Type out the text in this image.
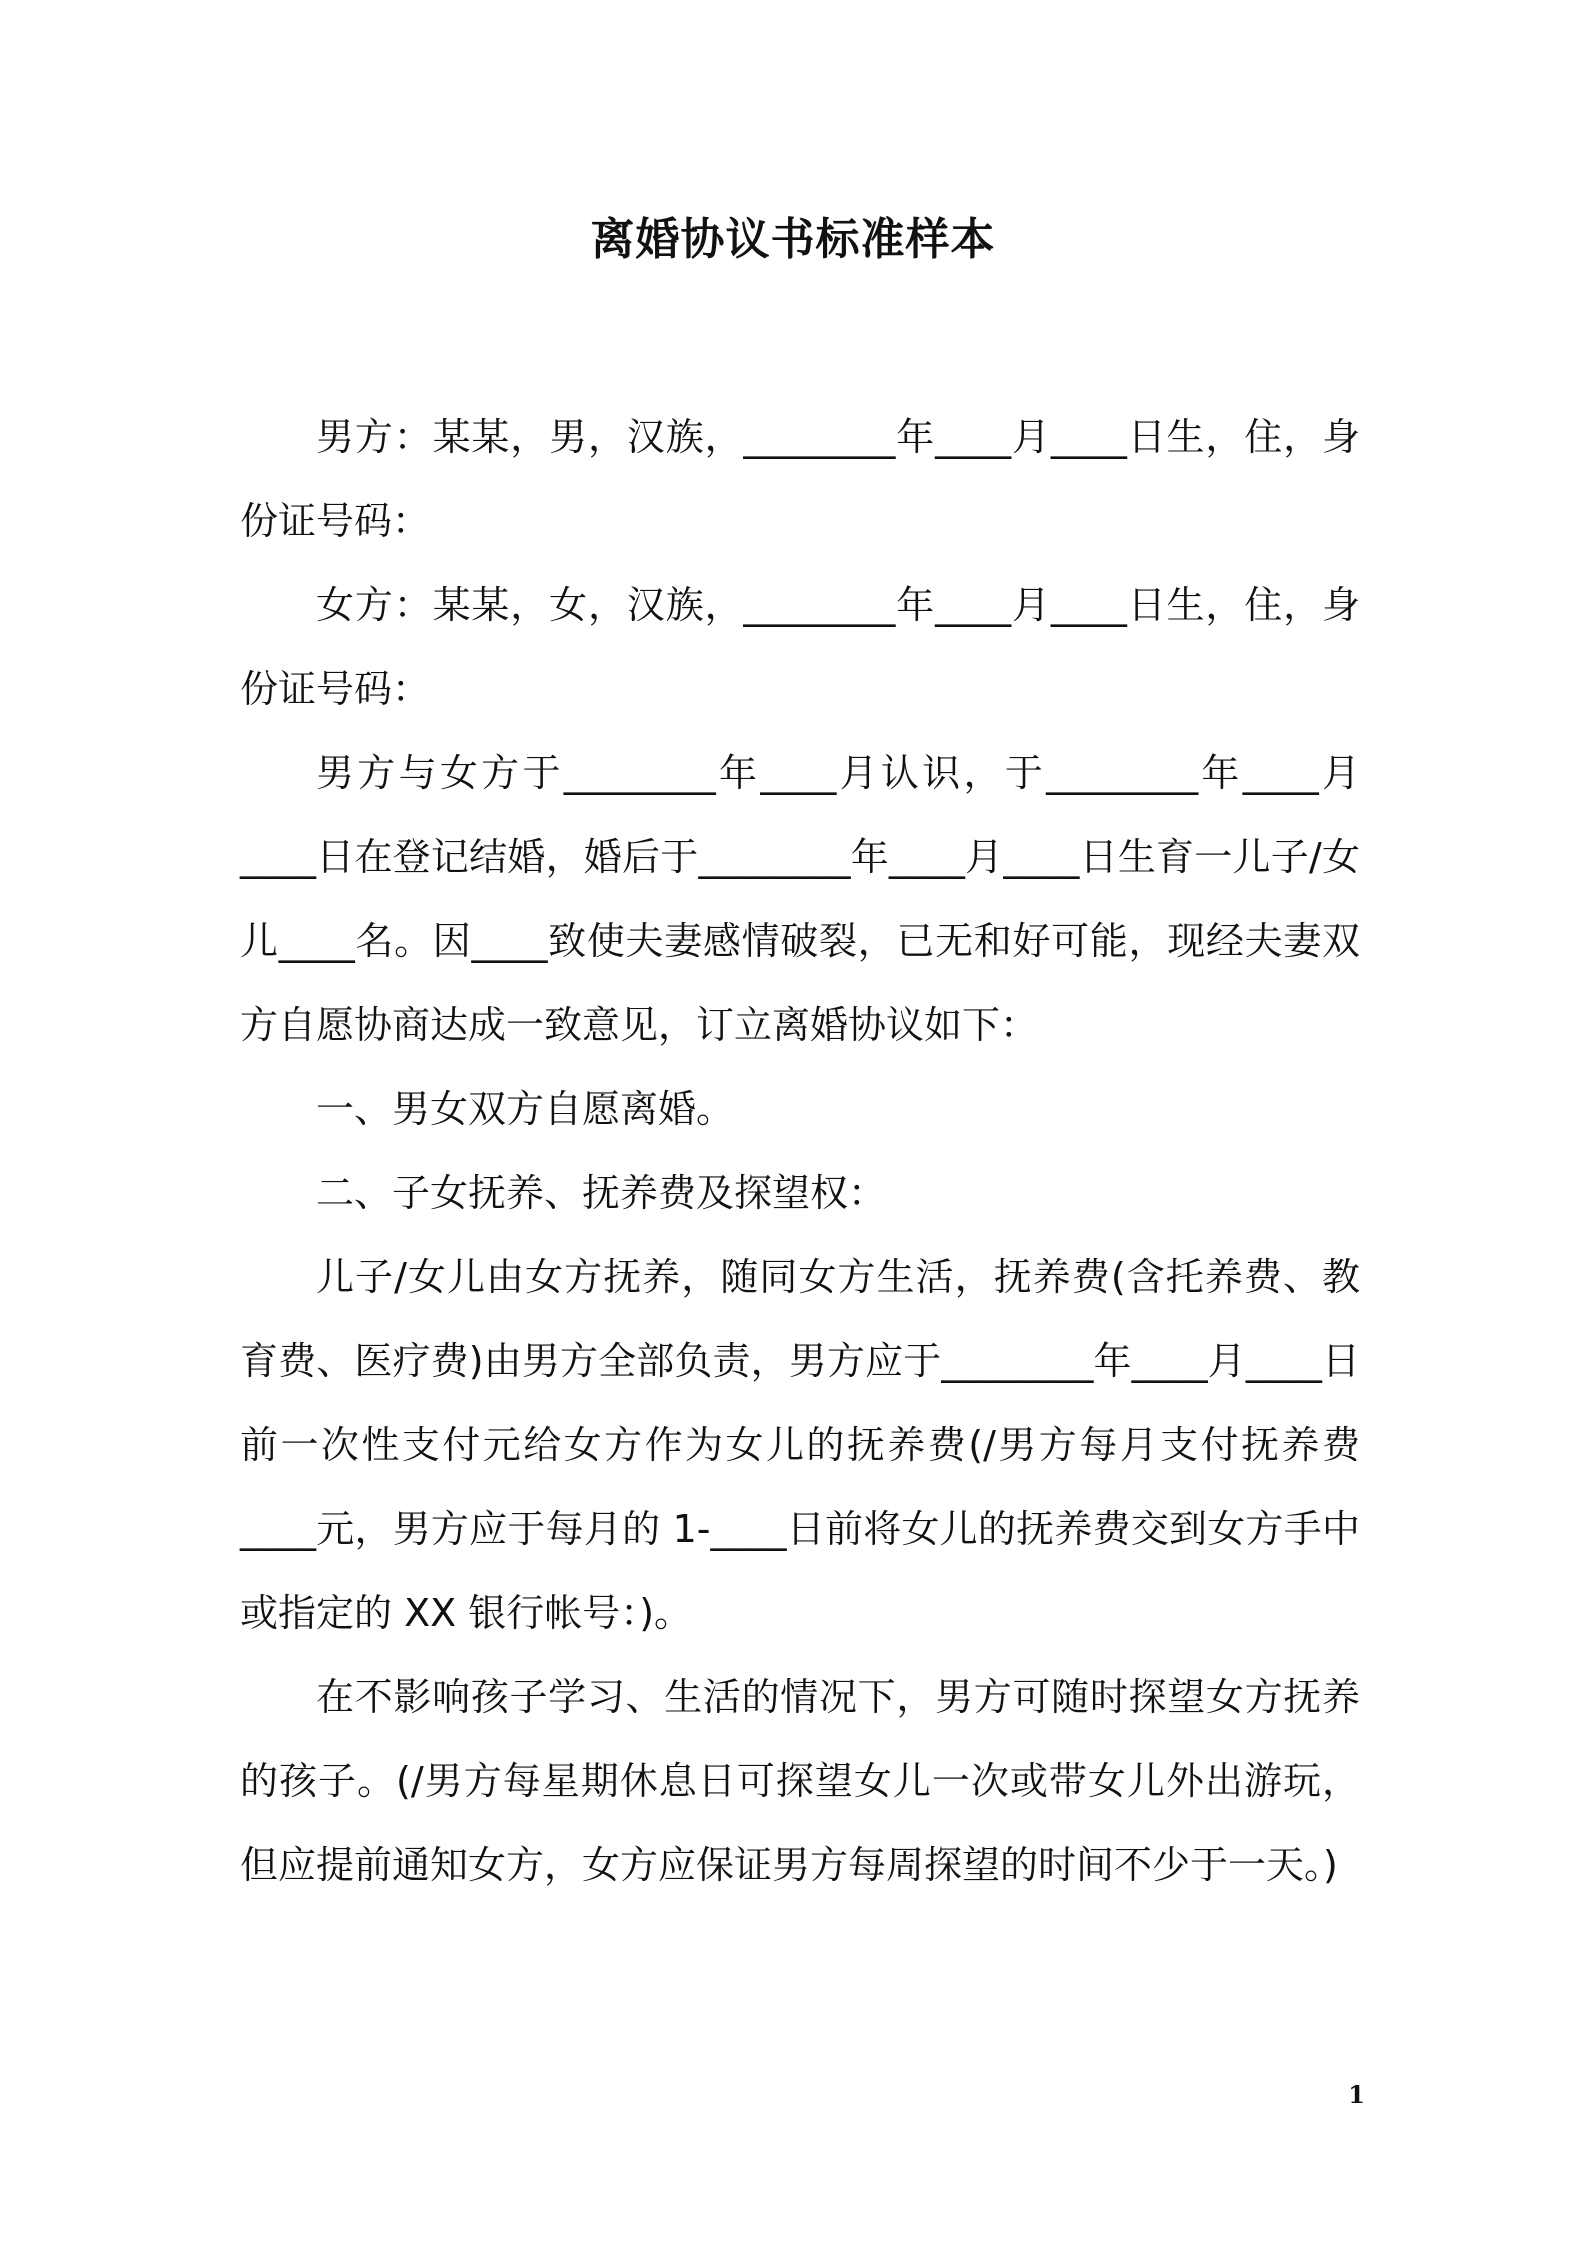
离婚协议书标准样本

男方：某某，男，汉族，________年____月____日生，住，身份证号码：

女方：某某，女，汉族，________年____月____日生，住，身份证号码：

男方与女方于________年____月认识，于________年____月____日在登记结婚，婚后于________年____月____日生育一儿子/女儿____名。因____致使夫妻感情破裂，已无和好可能，现经夫妻双方自愿协商达成一致意见，订立离婚协议如下：

一、男女双方自愿离婚。

二、子女抚养、抚养费及探望权：

儿子/女儿由女方抚养，随同女方生活，抚养费(含托养费、教育费、医疗费)由男方全部负责，男方应于________年____月____日前一次性支付元给女方作为女儿的抚养费(/男方每月支付抚养费____元，男方应于每月的 1-____日前将女儿的抚养费交到女方手中或指定的 XX 银行帐号：)。

在不影响孩子学习、生活的情况下，男方可随时探望女方抚养的孩子。(/男方每星期休息日可探望女儿一次或带女儿外出游玩，但应提前通知女方，女方应保证男方每周探望的时间不少于一天。)

1
